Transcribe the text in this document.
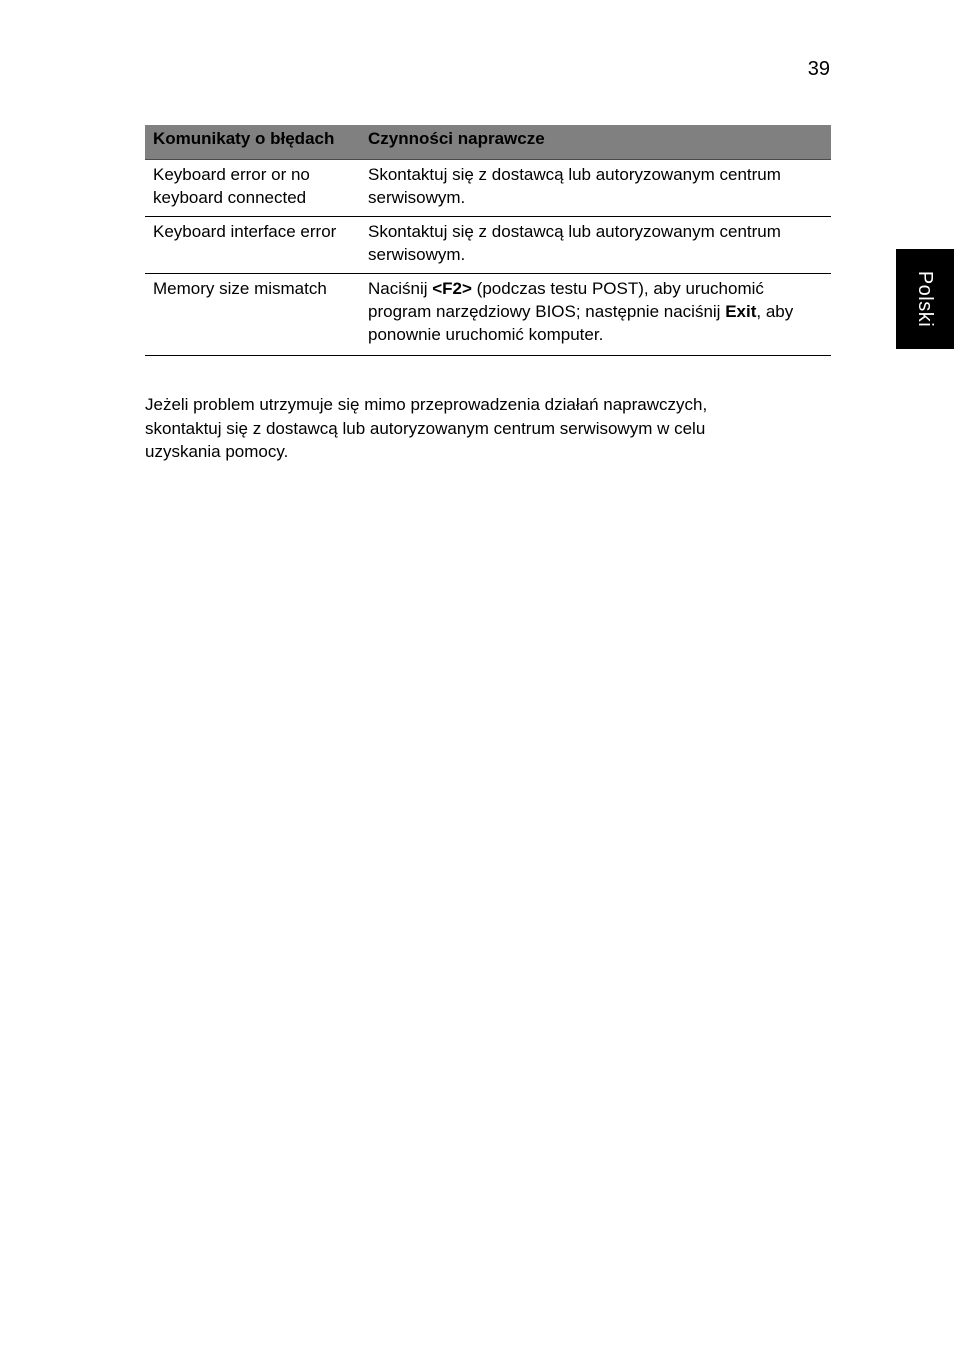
39
Polski
Komunikaty o błędach	Czynności naprawcze
Keyboard error or no keyboard connected	Skontaktuj się z dostawcą lub autoryzowanym centrum serwisowym.
Keyboard interface error	Skontaktuj się z dostawcą lub autoryzowanym centrum serwisowym.
Memory size mismatch	Naciśnij <F2> (podczas testu POST), aby uruchomić program narzędziowy BIOS; następnie naciśnij Exit, aby ponownie uruchomić komputer.

Jeżeli problem utrzymuje się mimo przeprowadzenia działań naprawczych, skontaktuj się z dostawcą lub autoryzowanym centrum serwisowym w celu uzyskania pomocy.
